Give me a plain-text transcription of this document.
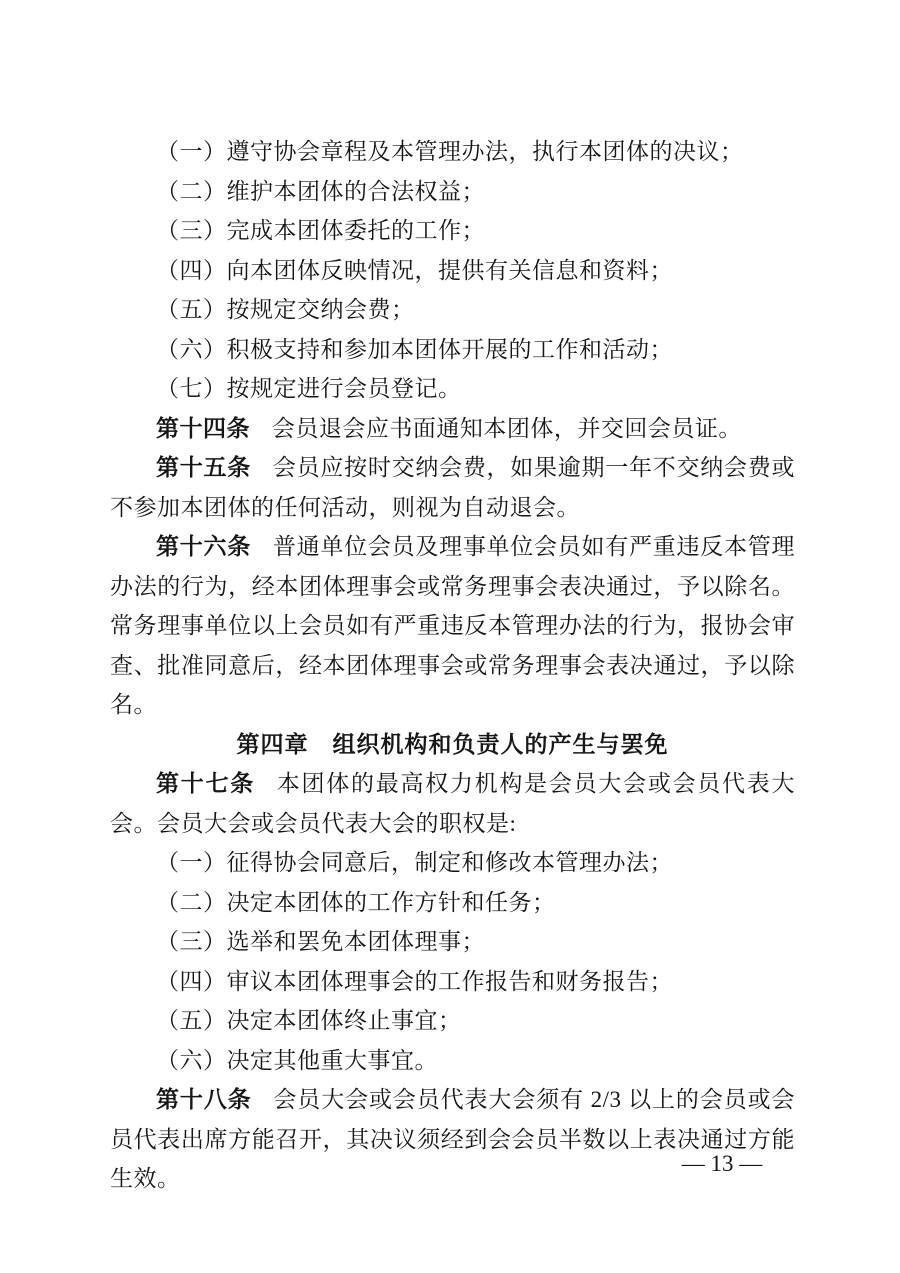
（一）遵守协会章程及本管理办法，执行本团体的决议；

（二）维护本团体的合法权益；

（三）完成本团体委托的工作；

（四）向本团体反映情况，提供有关信息和资料；

（五）按规定交纳会费；

（六）积极支持和参加本团体开展的工作和活动；

（七）按规定进行会员登记。

第十四条 会员退会应书面通知本团体，并交回会员证。

第十五条 会员应按时交纳会费，如果逾期一年不交纳会费或不参加本团体的任何活动，则视为自动退会。

第十六条 普通单位会员及理事单位会员如有严重违反本管理办法的行为，经本团体理事会或常务理事会表决通过，予以除名。常务理事单位以上会员如有严重违反本管理办法的行为，报协会审查、批准同意后，经本团体理事会或常务理事会表决通过，予以除名。

第四章　组织机构和负责人的产生与罢免

第十七条 本团体的最高权力机构是会员大会或会员代表大会。会员大会或会员代表大会的职权是:

（一）征得协会同意后，制定和修改本管理办法；

（二）决定本团体的工作方针和任务；

（三）选举和罢免本团体理事；

（四）审议本团体理事会的工作报告和财务报告；

（五）决定本团体终止事宜；

（六）决定其他重大事宜。

第十八条 会员大会或会员代表大会须有 2/3 以上的会员或会员代表出席方能召开，其决议须经到会会员半数以上表决通过方能生效。

— 13 —
